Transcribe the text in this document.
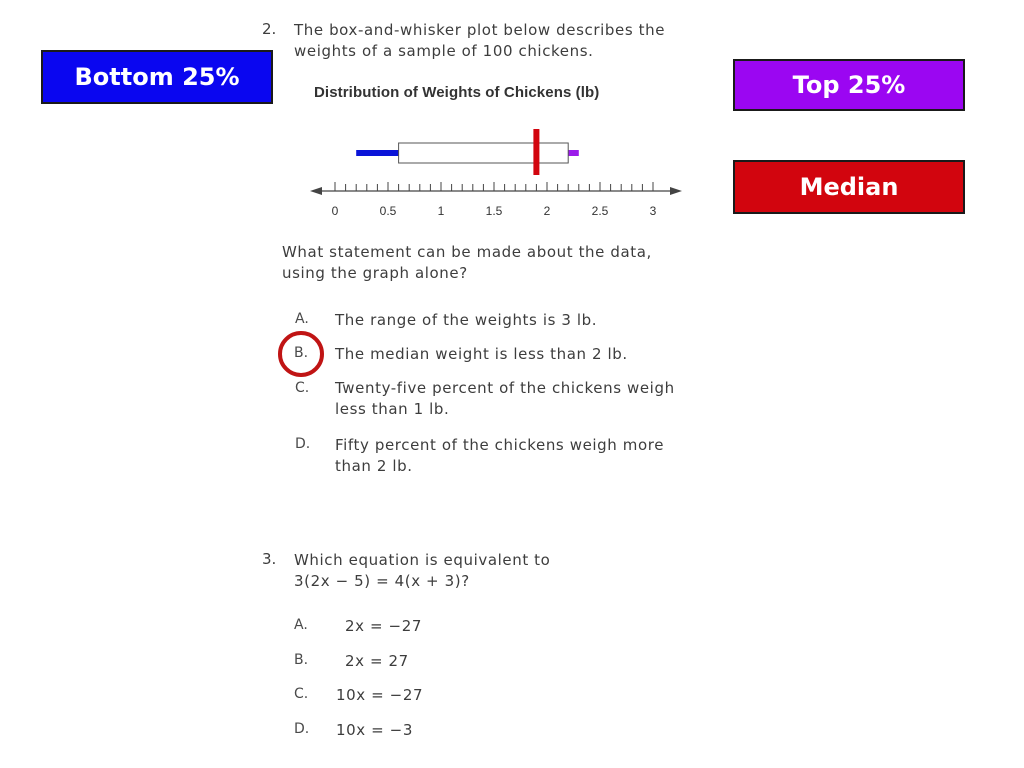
Bottom 25%	Top 25%
Median
2. The box-and-whisker plot below describes the
weights of a sample of 100 chickens.
Distribution of Weights of Chickens (lb)
0	0.5	1	1.5	2	2.5	3
What statement can be made about the data,
using the graph alone?
A. The range of the weights is 3 lb.
B. The median weight is less than 2 lb.
C. Twenty-five percent of the chickens weigh
less than 1 lb.
D. Fifty percent of the chickens weigh more
than 2 lb.
3. Which equation is equivalent to
3(2x − 5) = 4(x + 3)?
A. 2x = −27
B. 2x = 27
C. 10x = −27
D. 10x = −3
